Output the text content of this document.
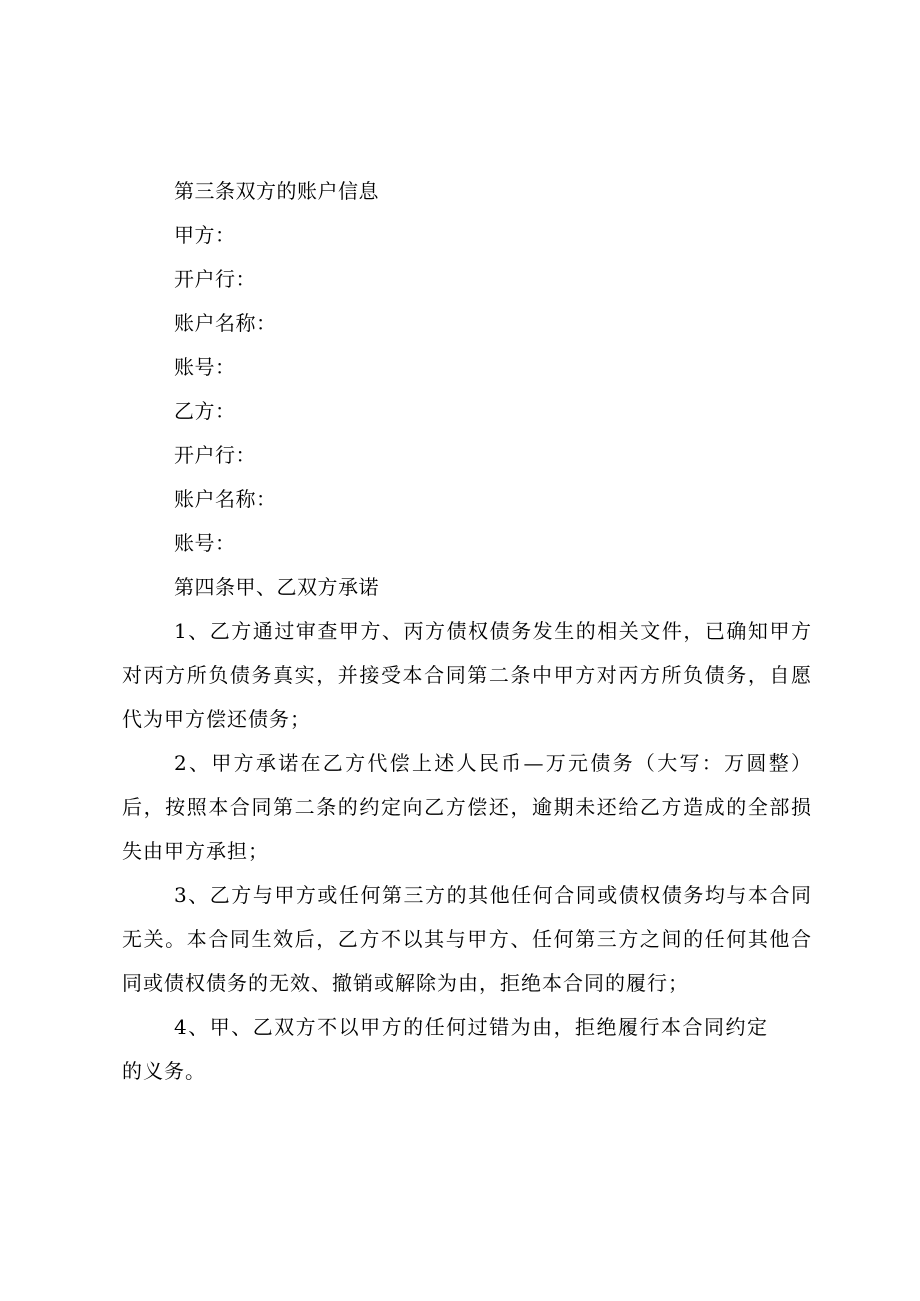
第三条双方的账户信息
甲方：
开户行：
账户名称：
账号：
乙方：
开户行：
账户名称：
账号：
第四条甲、乙双方承诺
1、乙方通过审查甲方、丙方债权债务发生的相关文件，已确知甲方对丙方所负债务真实，并接受本合同第二条中甲方对丙方所负债务，自愿代为甲方偿还债务；
2、甲方承诺在乙方代偿上述人民币—万元债务（大写：万圆整）后，按照本合同第二条的约定向乙方偿还，逾期未还给乙方造成的全部损失由甲方承担；
3、乙方与甲方或任何第三方的其他任何合同或债权债务均与本合同无关。本合同生效后，乙方不以其与甲方、任何第三方之间的任何其他合同或债权债务的无效、撤销或解除为由，拒绝本合同的履行；
4、甲、乙双方不以甲方的任何过错为由，拒绝履行本合同约定的义务。
